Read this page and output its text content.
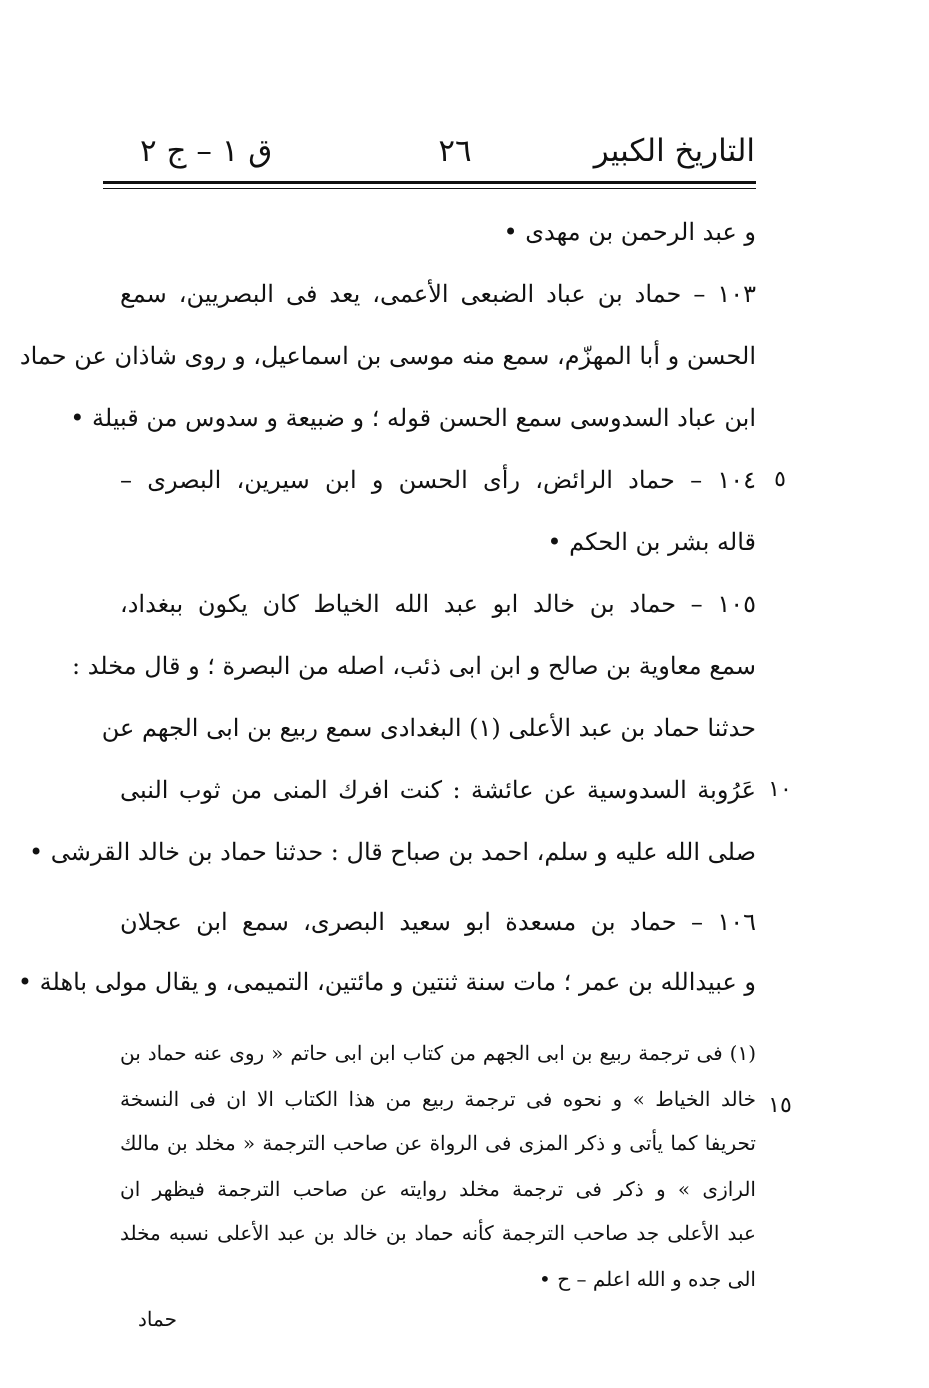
التاريخ الكبير
٢٦
ق ١ – ج ٢
و عبد الرحمن بن مهدى •
١٠٣ – حماد بن عباد الضبعى الأعمى، يعد فى البصريين، سمع
الحسن و أبا المهزّم، سمع منه موسى بن اسماعيل، و روى شاذان عن حماد
ابن عباد السدوسى سمع الحسن قوله ؛ و ضبيعة و سدوس من قبيلة •
١٠٤ – حماد الرائض، رأى الحسن و ابن سيرين، البصرى – ٥
قاله بشر بن الحكم •
١٠٥ – حماد بن خالد ابو عبد الله الخياط كان يكون ببغداد،
سمع معاوية بن صالح و ابن ابى ذئب، اصله من البصرة ؛ و قال مخلد :
حدثنا حماد بن عبد الأعلى (١) البغدادى سمع ربيع بن ابى الجهم عن
عَرُوبة السدوسية عن عائشة : كنت افرك المنى من ثوب النبى ١٠
صلى الله عليه و سلم، احمد بن صباح قال : حدثنا حماد بن خالد القرشى •
١٠٦ – حماد بن مسعدة ابو سعيد البصرى، سمع ابن عجلان
و عبيدالله بن عمر ؛ مات سنة ثنتين و مائتين، التميمى، و يقال مولى باهلة •
(١) فى ترجمة ربيع بن ابى الجهم من كتاب ابن ابى حاتم « روى عنه حماد بن
خالد الخياط » و نحوه فى ترجمة ربيع من هذا الكتاب الا ان فى النسخة ١٥
تحريفا كما يأتى و ذكر المزى فى الرواة عن صاحب الترجمة « مخلد بن مالك
الرازى » و ذكر فى ترجمة مخلد روايته عن صاحب الترجمة فيظهر ان
عبد الأعلى جد صاحب الترجمة كأنه حماد بن خالد بن عبد الأعلى نسبه مخلد
الى جده و الله اعلم – ح •
حماد
